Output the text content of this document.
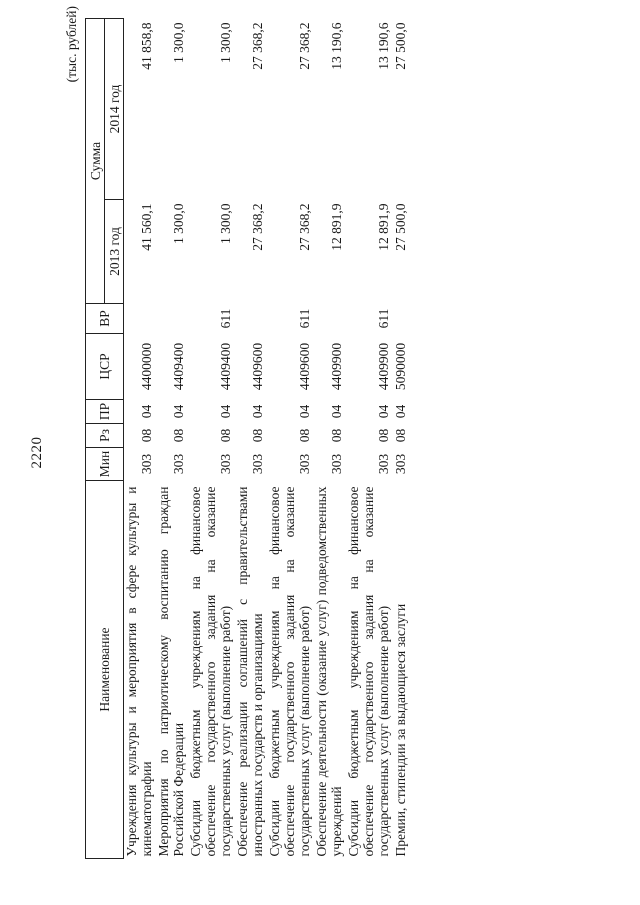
2220
(тыс. рублей)
Наименование	Мин	Рз	ПР	ЦСР	ВР	Сумма	
						2013 год	2014 год
Учреждения культуры и мероприятия в сфере культуры и кинематографии	303	08	04	4400000		41 560,1	41 858,8
Мероприятия по патриотическому воспитанию граждан Российской Федерации	303	08	04	4409400		1 300,0	1 300,0
Субсидии бюджетным учреждениям на финансовое обеспечение государственного задания на оказание государственных услуг (выполнение работ)	303	08	04	4409400	611	1 300,0	1 300,0
Обеспечение реализации соглашений с правительствами иностранных государств и организациями	303	08	04	4409600		27 368,2	27 368,2
Субсидии бюджетным учреждениям на финансовое обеспечение государственного задания на оказание государственных услуг (выполнение работ)	303	08	04	4409600	611	27 368,2	27 368,2
Обеспечение деятельности (оказание услуг) подведомственных учреждений	303	08	04	4409900		12 891,9	13 190,6
Субсидии бюджетным учреждениям на финансовое обеспечение государственного задания на оказание государственных услуг (выполнение работ)	303	08	04	4409900	611	12 891,9	13 190,6
Премии, стипендии за выдающиеся заслуги	303	08	04	5090000		27 500,0	27 500,0
